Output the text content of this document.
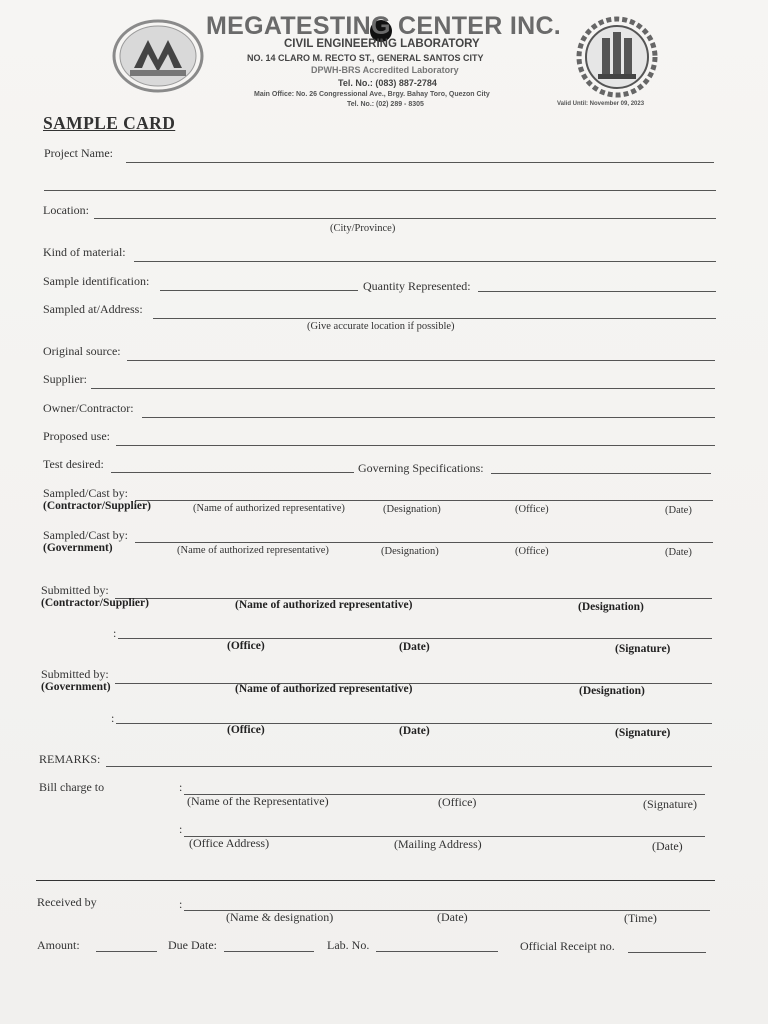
MEGATESTING CENTER INC.
CIVIL ENGINEERING LABORATORY
NO. 14 CLARO M. RECTO ST., GENERAL SANTOS CITY
DPWH-BRS Accredited Laboratory
Tel. No.: (083) 887-2784
Main Office: No. 26 Congressional Ave., Brgy. Bahay Toro, Quezon City
Tel. No.: (02) 289 - 8305	Valid Until: November 09, 2023
SAMPLE CARD
Project Name:
Location:
(City/Province)
Kind of material:
Sample identification:	Quantity Represented:
Sampled at/Address:
(Give accurate location if possible)
Original source:
Supplier:
Owner/Contractor:
Proposed use:
Test desired:	Governing Specifications:
Sampled/Cast by:
(Contractor/Supplier)	(Name of authorized representative)	(Designation)	(Office)	(Date)
Sampled/Cast by:
(Government)	(Name of authorized representative)	(Designation)	(Office)	(Date)
Submitted by:
(Contractor/Supplier)	(Name of authorized representative)	(Designation)
:
(Office)	(Date)	(Signature)
Submitted by:
(Government)	(Name of authorized representative)	(Designation)
:
(Office)	(Date)	(Signature)
REMARKS:
Bill charge to	:
(Name of the Representative)	(Office)	(Signature)
:
(Office Address)	(Mailing Address)	(Date)
Received by	:
(Name & designation)	(Date)	(Time)
Amount:	Due Date:	Lab. No.	Official Receipt no.
